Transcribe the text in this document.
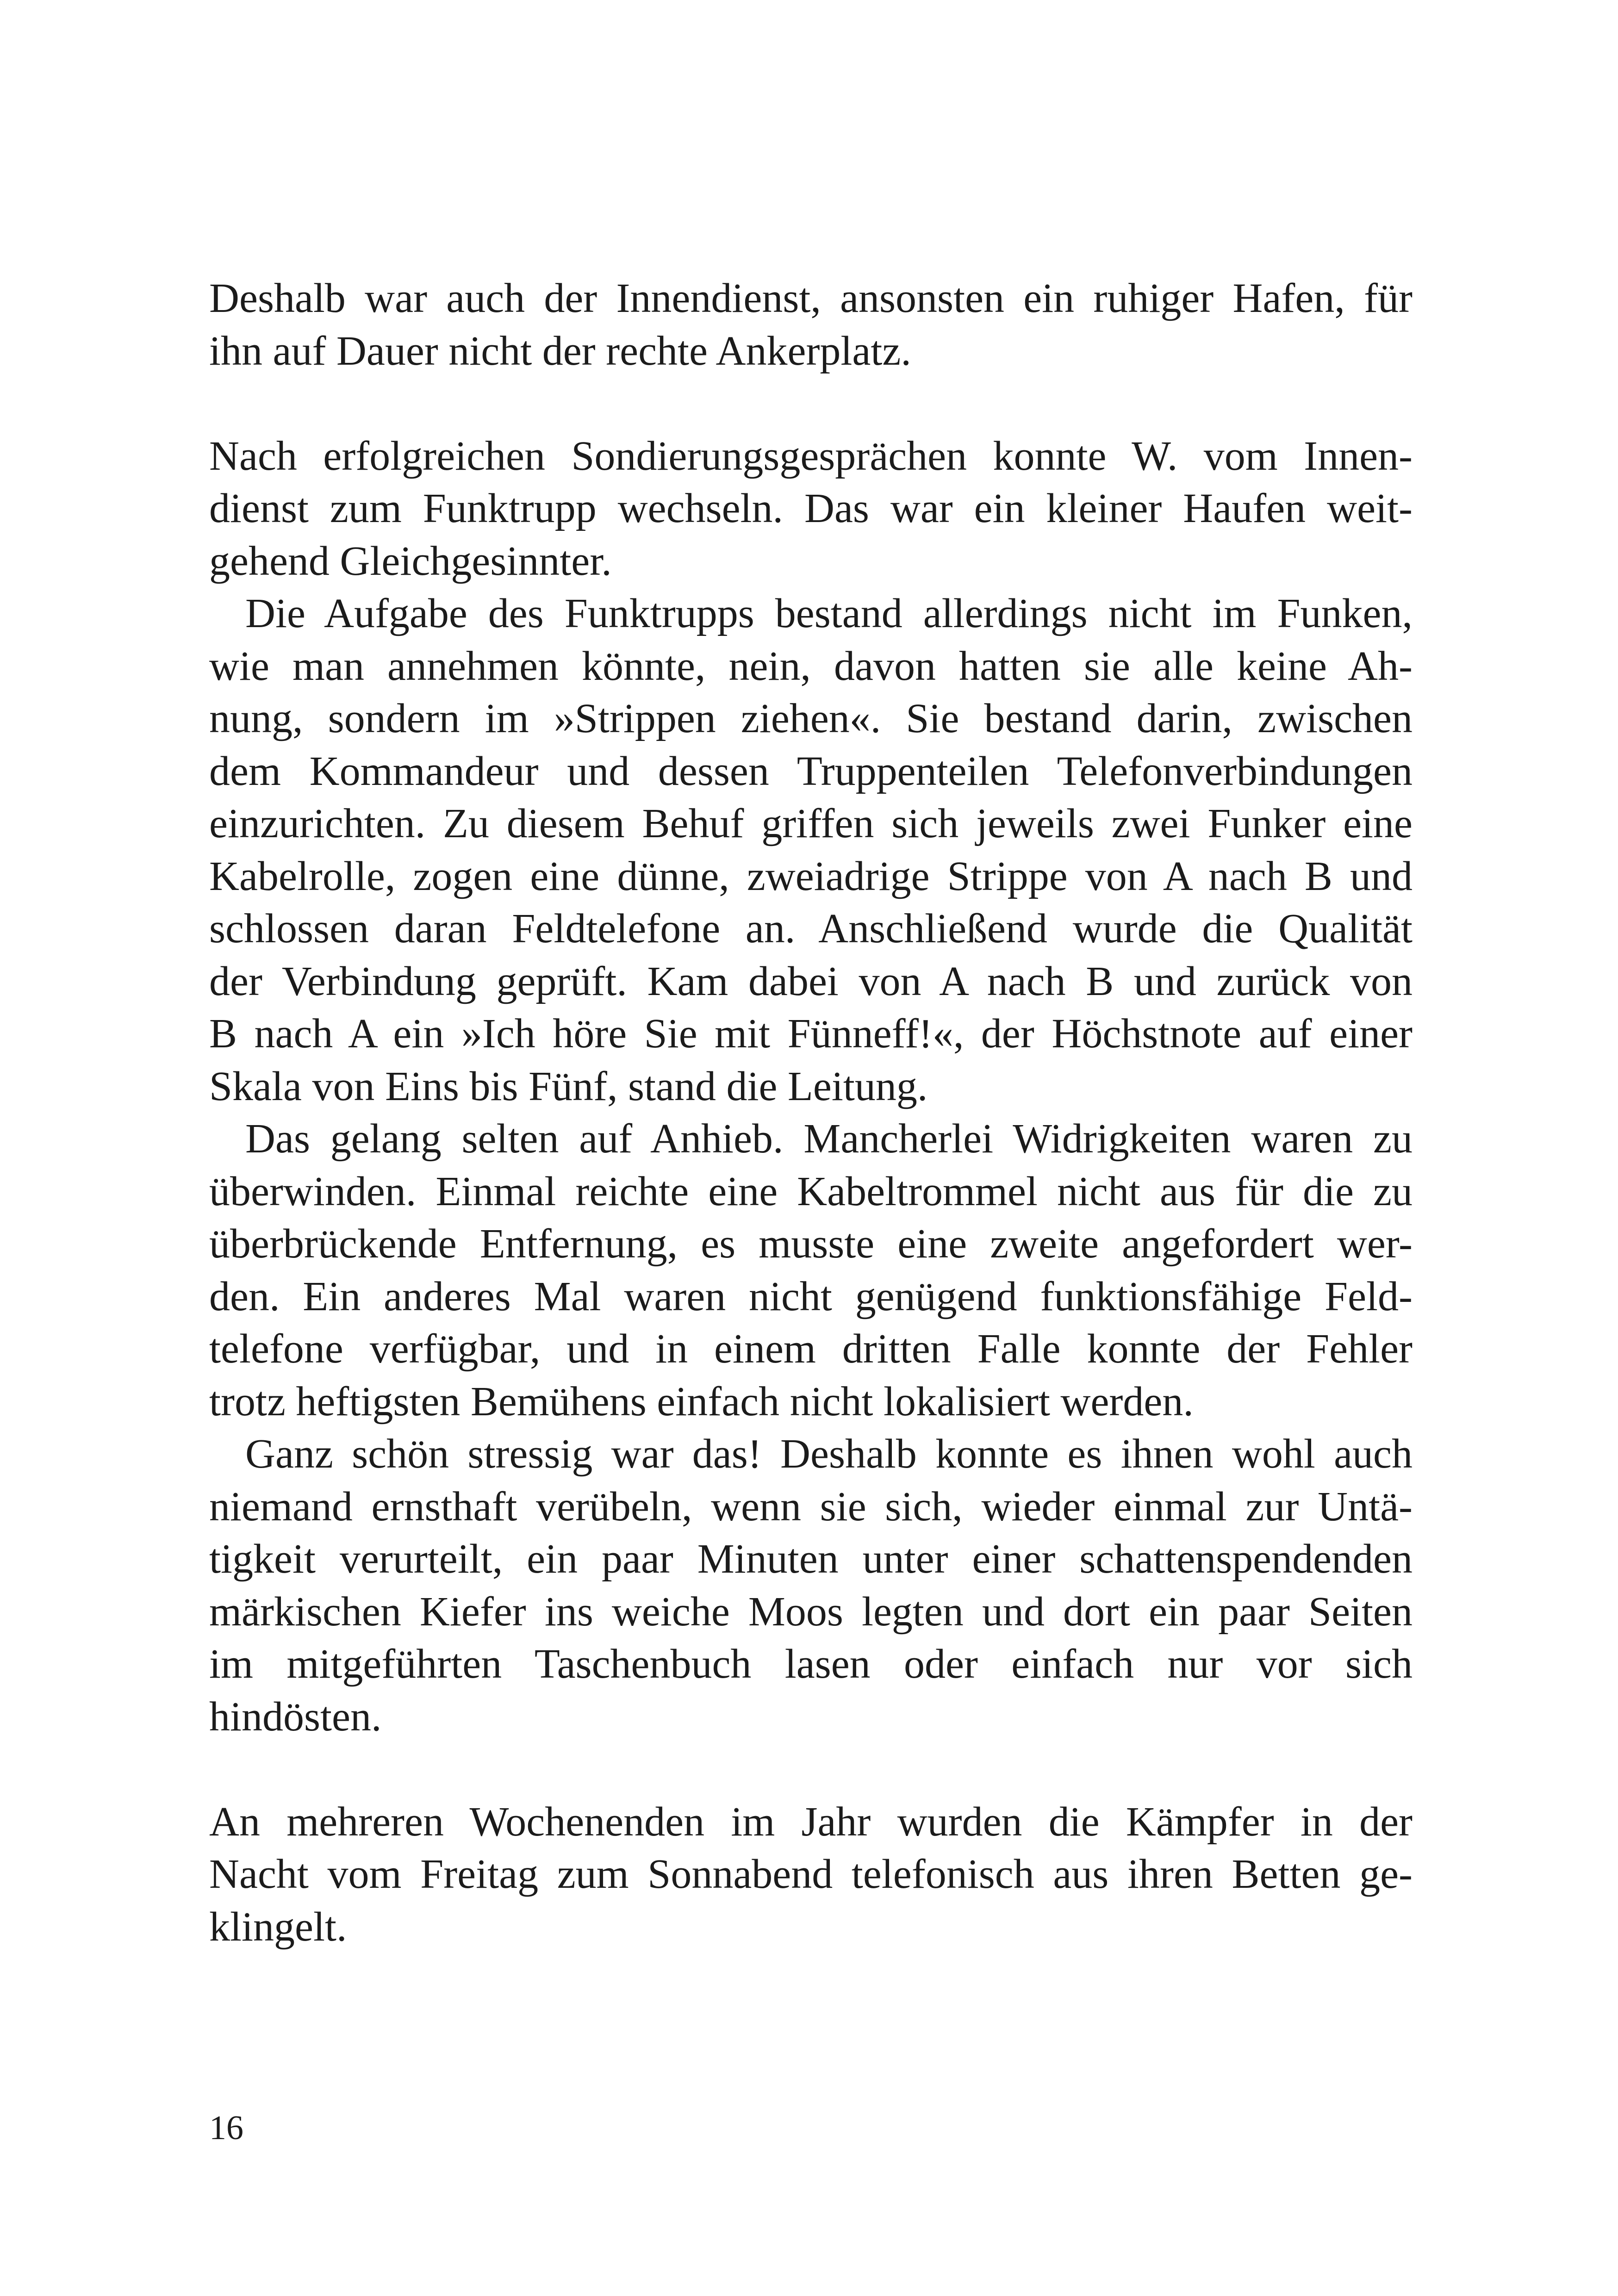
Deshalb war auch der Innendienst, ansonsten ein ruhiger Hafen, für
ihn auf Dauer nicht der rechte Ankerplatz.
Nach erfolgreichen Sondierungsgesprächen konnte W. vom Innen-
dienst zum Funktrupp wechseln. Das war ein kleiner Haufen weit-
gehend Gleichgesinnter.
Die Aufgabe des Funktrupps bestand allerdings nicht im Funken,
wie man annehmen könnte, nein, davon hatten sie alle keine Ah-
nung, sondern im »Strippen ziehen«. Sie bestand darin, zwischen
dem Kommandeur und dessen Truppenteilen Telefonverbindungen
einzurichten. Zu diesem Behuf griffen sich jeweils zwei Funker eine
Kabelrolle, zogen eine dünne, zweiadrige Strippe von A nach B und
schlossen daran Feldtelefone an. Anschließend wurde die Qualität
der Verbindung geprüft. Kam dabei von A nach B und zurück von
B nach A ein »Ich höre Sie mit Fünneff!«, der Höchstnote auf einer
Skala von Eins bis Fünf, stand die Leitung.
Das gelang selten auf Anhieb. Mancherlei Widrigkeiten waren zu
überwinden. Einmal reichte eine Kabeltrommel nicht aus für die zu
überbrückende Entfernung, es musste eine zweite angefordert wer-
den. Ein anderes Mal waren nicht genügend funktionsfähige Feld-
telefone verfügbar, und in einem dritten Falle konnte der Fehler
trotz heftigsten Bemühens einfach nicht lokalisiert werden.
Ganz schön stressig war das! Deshalb konnte es ihnen wohl auch
niemand ernsthaft verübeln, wenn sie sich, wieder einmal zur Untä-
tigkeit verurteilt, ein paar Minuten unter einer schattenspendenden
märkischen Kiefer ins weiche Moos legten und dort ein paar Seiten
im mitgeführten Taschenbuch lasen oder einfach nur vor sich
hindösten.
An mehreren Wochenenden im Jahr wurden die Kämpfer in der
Nacht vom Freitag zum Sonnabend telefonisch aus ihren Betten ge-
klingelt.
16
